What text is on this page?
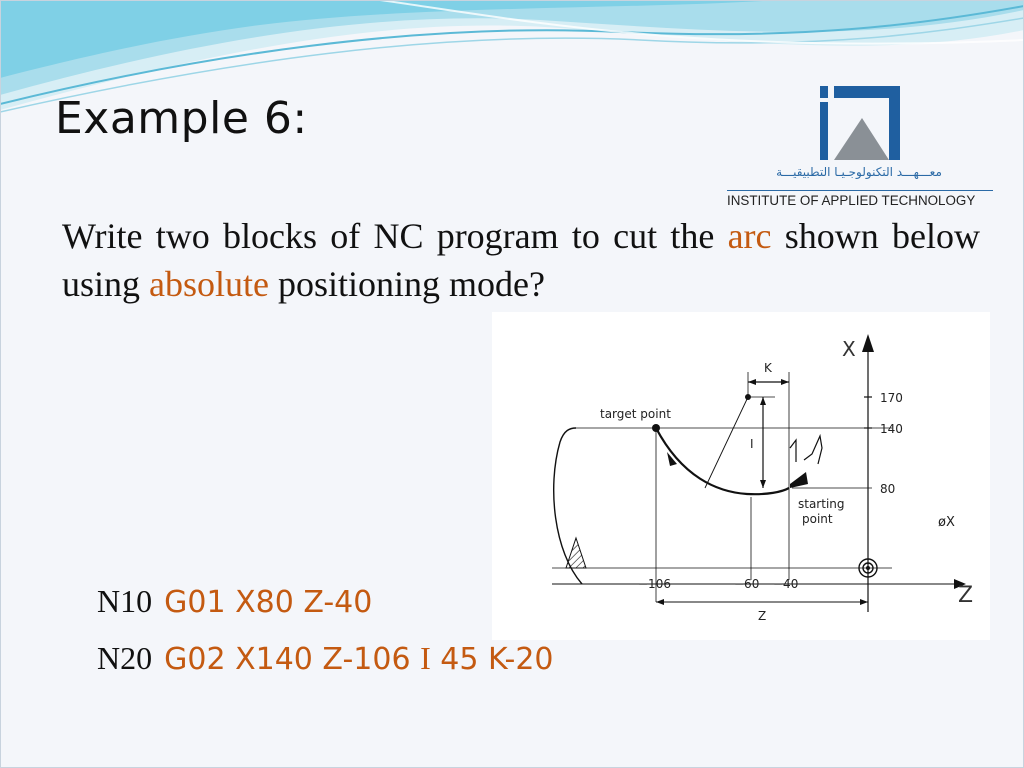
Example 6:
معـــهـــد التكنولوجـيـا التطبيقيـــة
INSTITUTE OF APPLIED TECHNOLOGY
Write two blocks of NC program to cut the arc shown below using absolute positioning mode?
X
Z
170
140
80
−106	−60 −40
K
I
target point
starting
point	øX
Z
N10 G01 X80 Z-40
N20 G02 X140 Z-106 I 45 K-20
